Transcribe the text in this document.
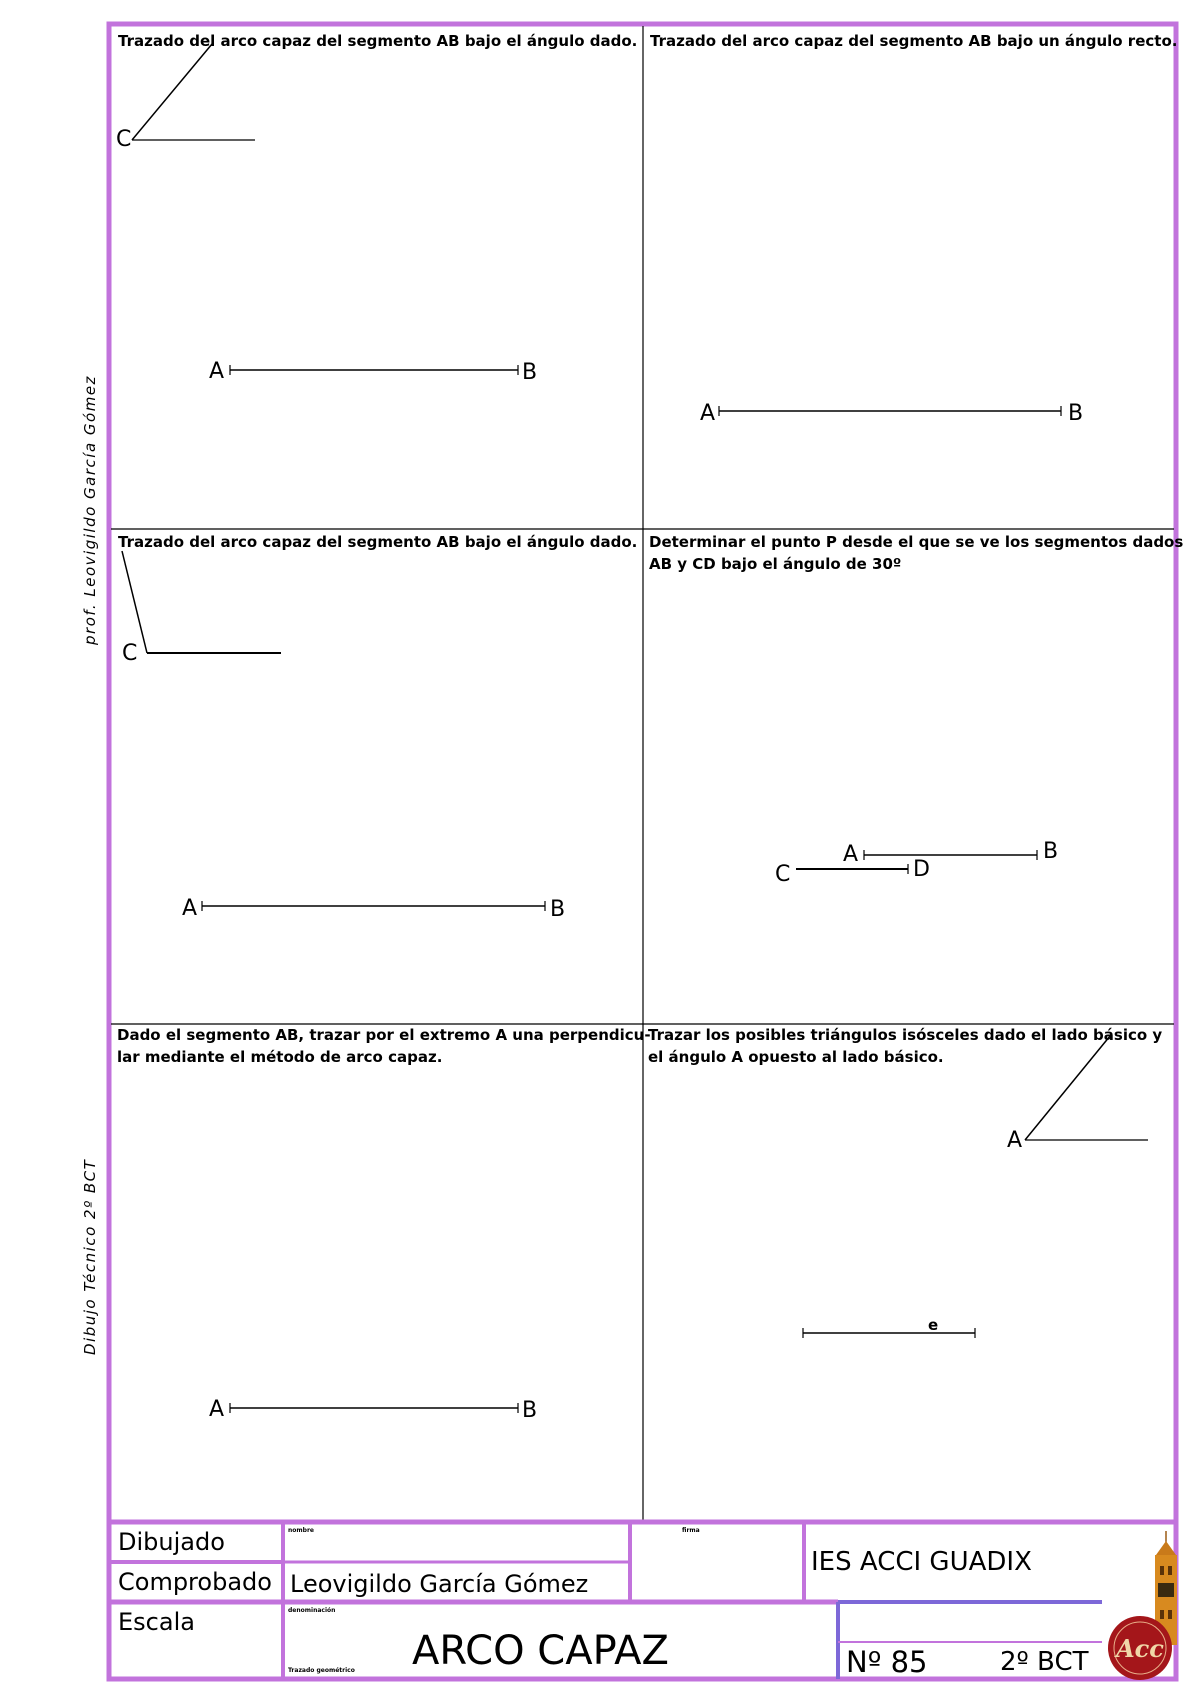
prof. Leovigildo García Gómez
Dibujo Técnico 2º BCT
Trazado del arco capaz del segmento AB bajo el ángulo dado.
C
A	B
Trazado del arco capaz del segmento AB bajo un ángulo recto.
A	B
Trazado del arco capaz del segmento AB bajo el ángulo dado.
C
A	B
Determinar el punto P desde el que se ve los segmentos dados
AB y CD bajo el ángulo de 30º
A	B
C	D
Dado el segmento AB, trazar por el extremo A una perpendicu-
lar mediante el método de arco capaz.
A	B
Trazar los posibles triángulos isósceles dado el lado básico y
el ángulo A opuesto al lado básico.
A
e
Dibujado
Comprobado
Escala
nombre	firma
denominación
Trazado geométrico
Leovigildo García Gómez
IES ACCI GUADIX
ARCO CAPAZ	Nº 85	2º BCT Acc
